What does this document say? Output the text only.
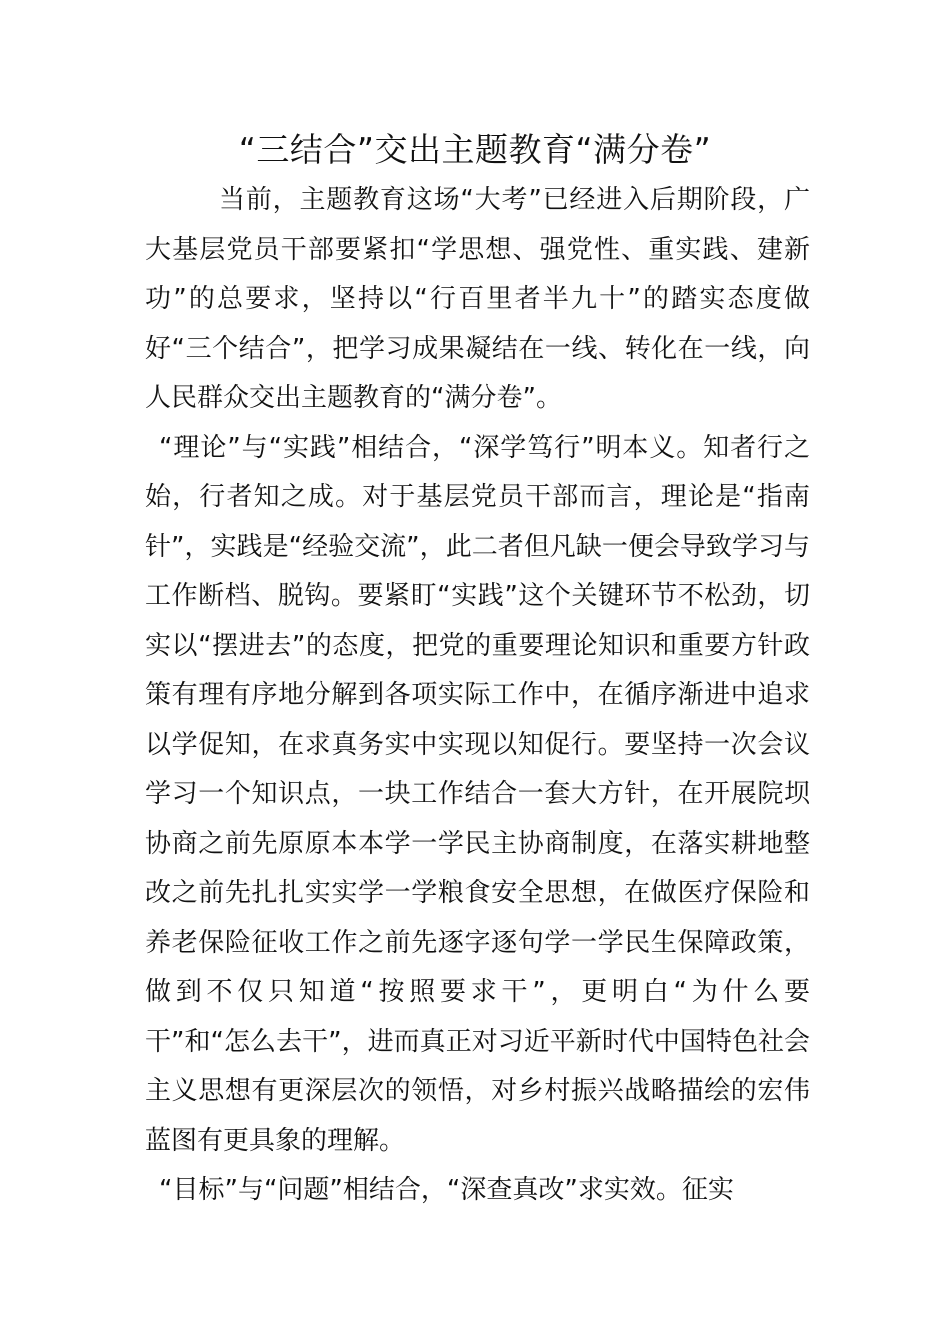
“三结合”交出主题教育“满分卷”

当前，主题教育这场“大考”已经进入后期阶段，广大基层党员干部要紧扣“学思想、强党性、重实践、建新功”的总要求，坚持以“行百里者半九十”的踏实态度做好“三个结合”，把学习成果凝结在一线、转化在一线，向人民群众交出主题教育的“满分卷”。

“理论”与“实践”相结合，“深学笃行”明本义。知者行之始，行者知之成。对于基层党员干部而言，理论是“指南针”，实践是“经验交流”，此二者但凡缺一便会导致学习与工作断档、脱钩。要紧盯“实践”这个关键环节不松劲，切实以“摆进去”的态度，把党的重要理论知识和重要方针政策有理有序地分解到各项实际工作中，在循序渐进中追求以学促知，在求真务实中实现以知促行。要坚持一次会议学习一个知识点，一块工作结合一套大方针，在开展院坝协商之前先原原本本学一学民主协商制度，在落实耕地整改之前先扎扎实实学一学粮食安全思想，在做医疗保险和养老保险征收工作之前先逐字逐句学一学民生保障政策，做到不仅只知道“按照要求干”，更明白“为什么要干”和“怎么去干”，进而真正对习近平新时代中国特色社会主义思想有更深层次的领悟，对乡村振兴战略描绘的宏伟蓝图有更具象的理解。

“目标”与“问题”相结合，“深查真改”求实效。征实
